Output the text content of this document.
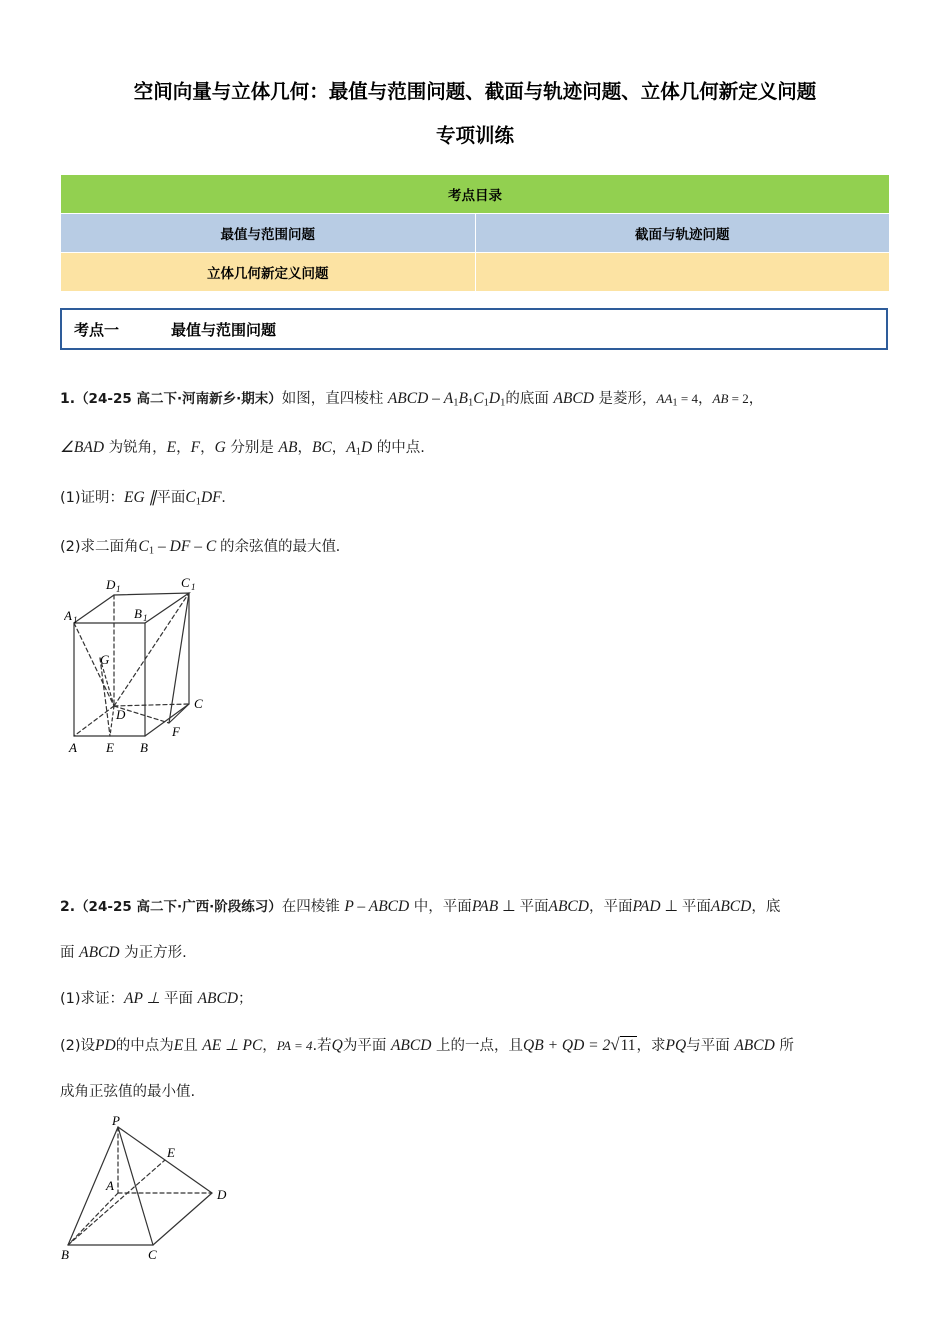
空间向量与立体几何：最值与范围问题、截面与轨迹问题、立体几何新定义问题
专项训练
考点目录	
最值与范围问题	截面与轨迹问题
立体几何新定义问题	
考点一	最值与范围问题
1.（24-25 高二下·河南新乡·期末）如图，直四棱柱 ABCD – A1B1C1D1的底面 ABCD 是菱形，AA1 = 4，AB = 2，
∠BAD 为锐角，E，F，G 分别是 AB，BC，A1D 的中点.
(1)证明：EG ∥平面C1DF.
(2)求二面角C1 – DF – C 的余弦值的最大值.
D 1	C 1
A 1	B 1
G
C
D
F
A E B
2.（24-25 高二下·广西·阶段练习）在四棱锥 P – ABCD 中，平面PAB ⊥ 平面ABCD，平面PAD ⊥ 平面ABCD，底
面 ABCD 为正方形.
(1)求证：AP ⊥ 平面 ABCD；
(2)设PD的中点为E且 AE ⊥ PC，PA = 4.若Q为平面 ABCD 上的一点，且QB + QD = 2√11，求PQ与平面 ABCD 所
成角正弦值的最小值.
P
E
A
D
B	C
